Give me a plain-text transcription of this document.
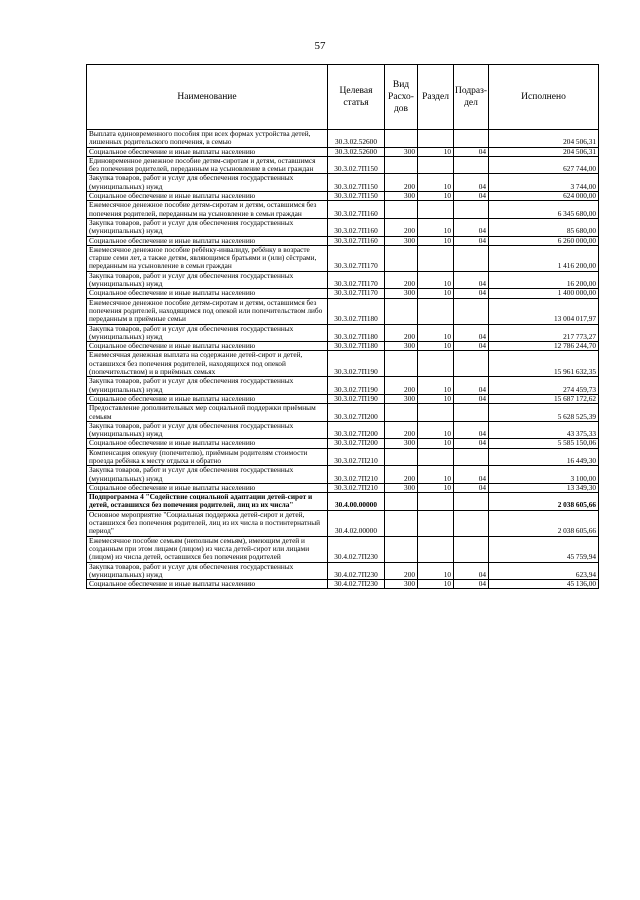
57
Наименование	Целевая статья	Вид Расхо-дов	Раздел	Подраз-дел	Исполнено
Выплата единовременного пособия при всех формах устройства детей, лишенных родительского попечения, в семью	30.3.02.52600				204 506,31
Социальное обеспечение и иные выплаты населению	30.3.02.52600	300	10	04	204 506,31
Единовременное денежное пособие детям-сиротам и детям, оставшимся без попечения родителей, переданным на усыновление в семьи граждан	30.3.02.7П150				627 744,00
Закупка товаров, работ и услуг для обеспечения государственных (муниципальных) нужд	30.3.02.7П150	200	10	04	3 744,00
Социальное обеспечение и иные выплаты населению	30.3.02.7П150	300	10	04	624 000,00
Ежемесячное денежное пособие детям-сиротам и детям, оставшимся без попечения родителей, переданным на усыновление в семьи граждан	30.3.02.7П160				6 345 680,00
Закупка товаров, работ и услуг для обеспечения государственных (муниципальных) нужд	30.3.02.7П160	200	10	04	85 680,00
Социальное обеспечение и иные выплаты населению	30.3.02.7П160	300	10	04	6 260 000,00
Ежемесячное денежное пособие ребёнку-инвалиду, ребёнку в возрасте старше семи лет, а также детям, являющимся братьями и (или) сёстрами, переданным на усыновление в семьи граждан	30.3.02.7П170				1 416 200,00
Закупка товаров, работ и услуг для обеспечения государственных (муниципальных) нужд	30.3.02.7П170	200	10	04	16 200,00
Социальное обеспечение и иные выплаты населению	30.3.02.7П170	300	10	04	1 400 000,00
Ежемесячное денежное пособие детям-сиротам и детям, оставшимся без попечения родителей, находящимся под опекой или попечительством либо переданным в приёмные семьи	30.3.02.7П180				13 004 017,97
Закупка товаров, работ и услуг для обеспечения государственных (муниципальных) нужд	30.3.02.7П180	200	10	04	217 773,27
Социальное обеспечение и иные выплаты населению	30.3.02.7П180	300	10	04	12 786 244,70
Ежемесячная денежная выплата на содержание детей-сирот и детей, оставшихся без попечения родителей, находящихся под опекой (попечительством) и в приёмных семьях	30.3.02.7П190				15 961 632,35
Закупка товаров, работ и услуг для обеспечения государственных (муниципальных) нужд	30.3.02.7П190	200	10	04	274 459,73
Социальное обеспечение и иные выплаты населению	30.3.02.7П190	300	10	04	15 687 172,62
Предоставление дополнительных мер социальной поддержки приёмным семьям	30.3.02.7П200				5 628 525,39
Закупка товаров, работ и услуг для обеспечения государственных (муниципальных) нужд	30.3.02.7П200	200	10	04	43 375,33
Социальное обеспечение и иные выплаты населению	30.3.02.7П200	300	10	04	5 585 150,06
Компенсация опекуну (попечителю), приёмным родителям стоимости проезда ребёнка к месту отдыха и обратно	30.3.02.7П210				16 449,30
Закупка товаров, работ и услуг для обеспечения государственных (муниципальных) нужд	30.3.02.7П210	200	10	04	3 100,00
Социальное обеспечение и иные выплаты населению	30.3.02.7П210	300	10	04	13 349,30
Подпрограмма 4 "Содействие социальной адаптации детей-сирот и детей, оставшихся без попечения родителей, лиц из их числа"	30.4.00.00000				2 038 605,66
Основное мероприятие "Социальная поддержка детей-сирот и детей, оставшихся без попечения родителей, лиц из их числа в постинтернатный период"	30.4.02.00000				2 038 605,66
Ежемесячное пособие семьям (неполным семьям), имеющим детей и созданным при этом лицами (лицом) из числа детей-сирот или лицами (лицом) из числа детей, оставшихся без попечения родителей	30.4.02.7П230				45 759,94
Закупка товаров, работ и услуг для обеспечения государственных (муниципальных) нужд	30.4.02.7П230	200	10	04	623,94
Социальное обеспечение и иные выплаты населению	30.4.02.7П230	300	10	04	45 136,00
